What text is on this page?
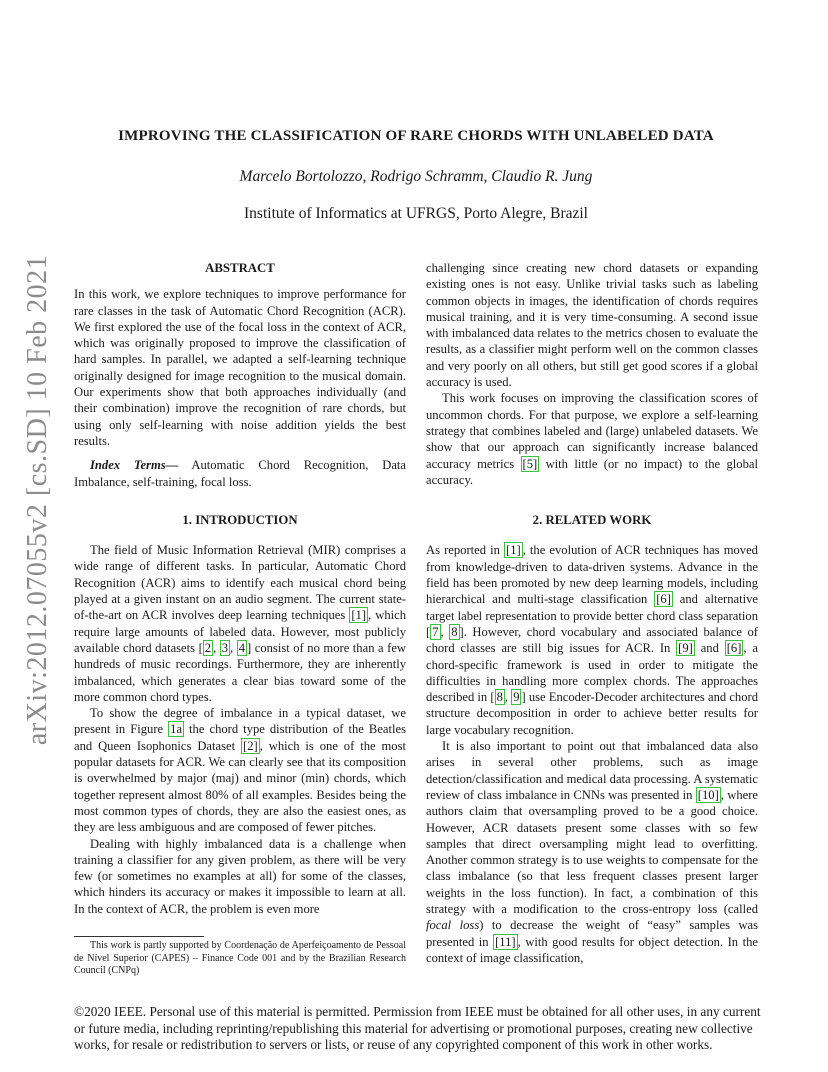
arXiv:2012.07055v2 [cs.SD] 10 Feb 2021
IMPROVING THE CLASSIFICATION OF RARE CHORDS WITH UNLABELED DATA
Marcelo Bortolozzo, Rodrigo Schramm, Claudio R. Jung
Institute of Informatics at UFRGS, Porto Alegre, Brazil
ABSTRACT

In this work, we explore techniques to improve performance for rare classes in the task of Automatic Chord Recognition (ACR). We first explored the use of the focal loss in the context of ACR, which was originally proposed to improve the classification of hard samples. In parallel, we adapted a self-learning technique originally designed for image recognition to the musical domain. Our experiments show that both approaches individually (and their combination) improve the recognition of rare chords, but using only self-learning with noise addition yields the best results.

Index Terms— Automatic Chord Recognition, Data Imbalance, self-training, focal loss.

1. INTRODUCTION

The field of Music Information Retrieval (MIR) comprises a wide range of different tasks. In particular, Automatic Chord Recognition (ACR) aims to identify each musical chord being played at a given instant on an audio segment. The current state-of-the-art on ACR involves deep learning techniques [1] , which require large amounts of labeled data. However, most publicly available chord datasets [ 2 , 3 , 4 ] consist of no more than a few hundreds of music recordings. Furthermore, they are inherently imbalanced, which generates a clear bias toward some of the more common chord types.

To show the degree of imbalance in a typical dataset, we present in Figure 1a the chord type distribution of the Beatles and Queen Isophonics Dataset [2] , which is one of the most popular datasets for ACR. We can clearly see that its composition is overwhelmed by major (maj) and minor (min) chords, which together represent almost 80% of all examples. Besides being the most common types of chords, they are also the easiest ones, as they are less ambiguous and are composed of fewer pitches.

Dealing with highly imbalanced data is a challenge when training a classifier for any given problem, as there will be very few (or sometimes no examples at all) for some of the classes, which hinders its accuracy or makes it impossible to learn at all. In the context of ACR, the problem is even more

challenging since creating new chord datasets or expanding existing ones is not easy. Unlike trivial tasks such as labeling common objects in images, the identification of chords requires musical training, and it is very time-consuming. A second issue with imbalanced data relates to the metrics chosen to evaluate the results, as a classifier might perform well on the common classes and very poorly on all others, but still get good scores if a global accuracy is used.

This work focuses on improving the classification scores of uncommon chords. For that purpose, we explore a self-learning strategy that combines labeled and (large) unlabeled datasets. We show that our approach can significantly increase balanced accuracy metrics [5] with little (or no impact) to the global accuracy.

2. RELATED WORK

As reported in [1] , the evolution of ACR techniques has moved from knowledge-driven to data-driven systems. Advance in the field has been promoted by new deep learning models, including hierarchical and multi-stage classification [6] and alternative target label representation to provide better chord class separation [ 7 , 8 ]. However, chord vocabulary and associated balance of chord classes are still big issues for ACR. In [9] and [6] , a chord-specific framework is used in order to mitigate the difficulties in handling more complex chords. The approaches described in [ 8 , 9 ] use Encoder-Decoder architectures and chord structure decomposition in order to achieve better results for large vocabulary recognition.

It is also important to point out that imbalanced data also arises in several other problems, such as image detection/classification and medical data processing. A systematic review of class imbalance in CNNs was presented in [10] , where authors claim that oversampling proved to be a good choice. However, ACR datasets present some classes with so few samples that direct oversampling might lead to overfitting. Another common strategy is to use weights to compensate for the class imbalance (so that less frequent classes present larger weights in the loss function). In fact, a combination of this strategy with a modification to the cross-entropy loss (called focal loss) to decrease the weight of “easy” samples was presented in [11] , with good results for object detection. In the context of image classification,

This work is partly supported by Coordenação de Aperfeiçoamento de Pessoal de Nível Superior (CAPES) – Finance Code 001 and by the Brazilian Research Council (CNPq)
©2020 IEEE. Personal use of this material is permitted. Permission from IEEE must be obtained for all other uses, in any current or future media, including reprinting/republishing this material for advertising or promotional purposes, creating new collective works, for resale or redistribution to servers or lists, or reuse of any copyrighted component of this work in other works.
